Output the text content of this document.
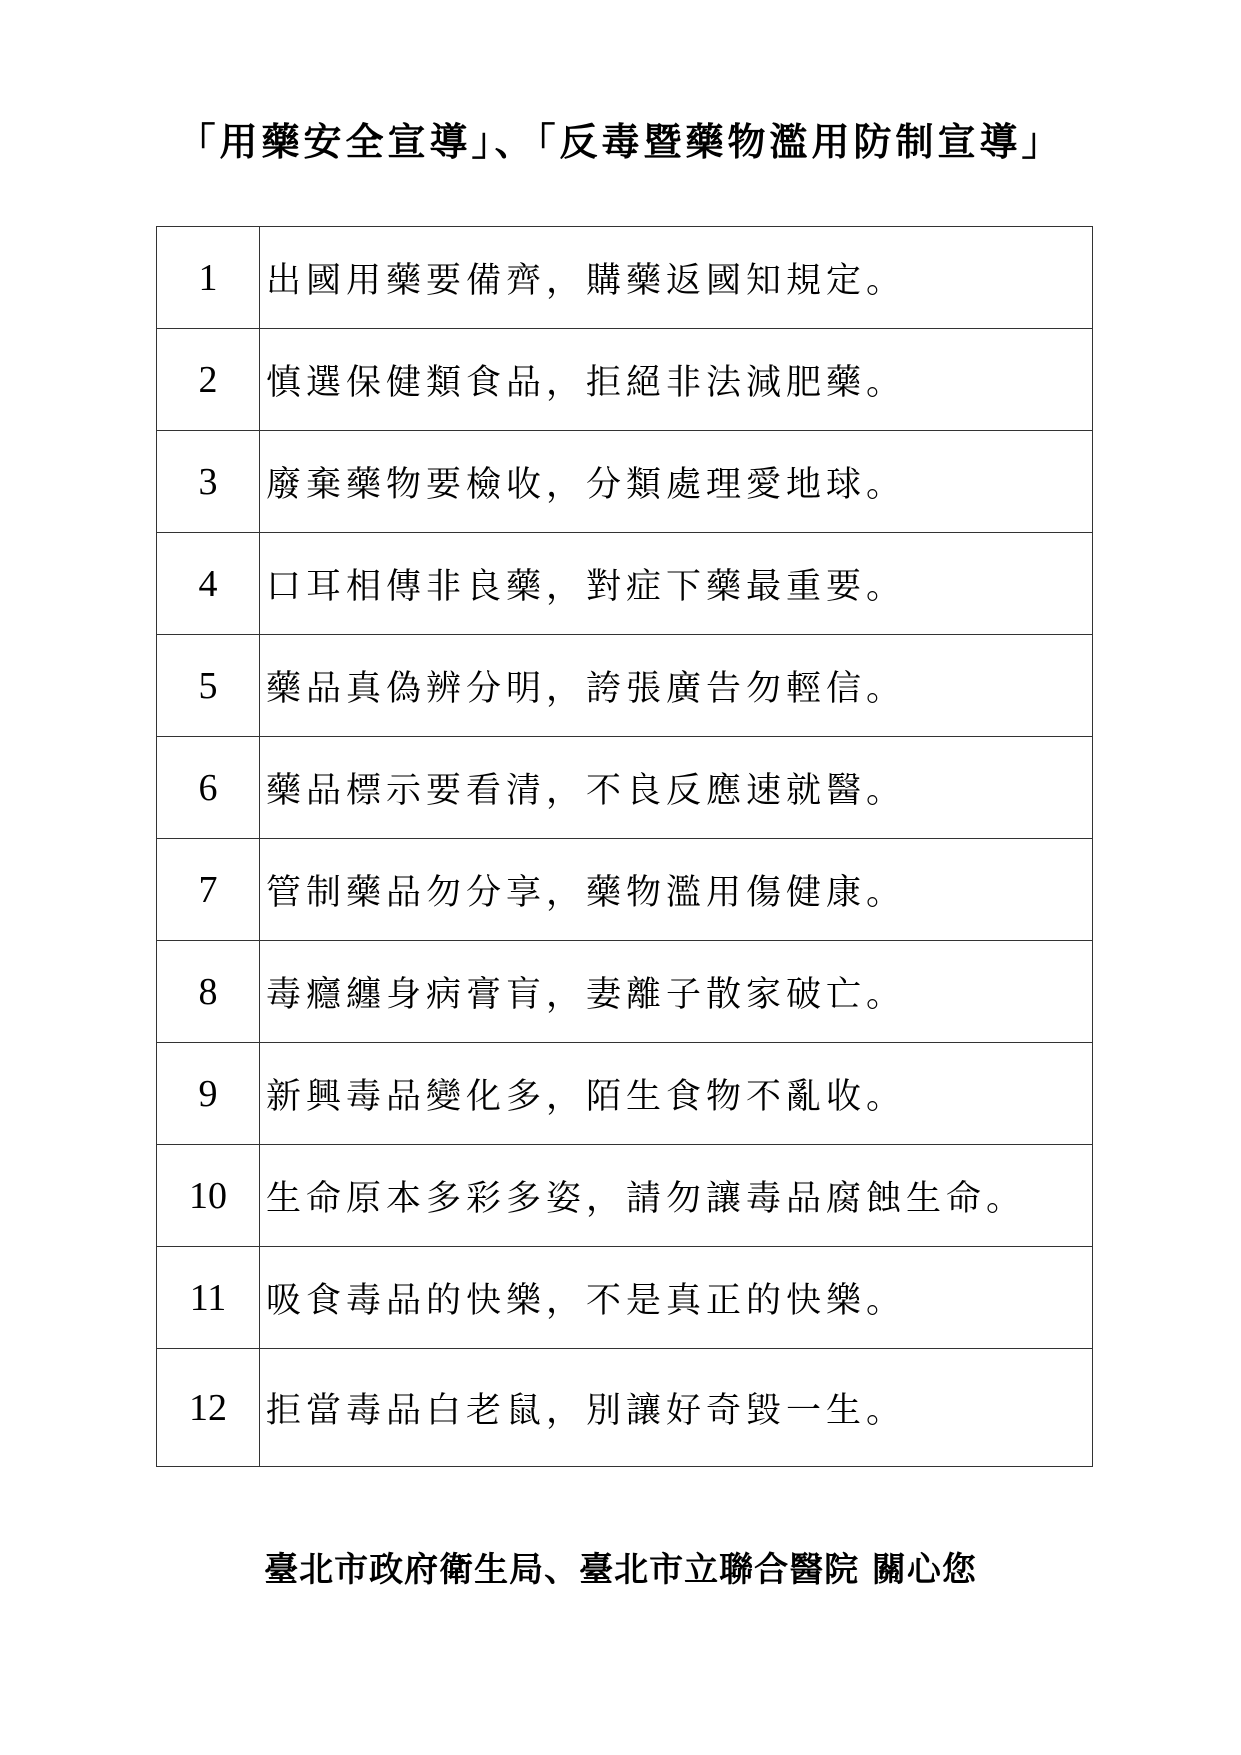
「用藥安全宣導」、「反毒暨藥物濫用防制宣導」
1	出國用藥要備齊，購藥返國知規定。
2	慎選保健類食品，拒絕非法減肥藥。
3	廢棄藥物要檢收，分類處理愛地球。
4	口耳相傳非良藥，對症下藥最重要。
5	藥品真偽辨分明，誇張廣告勿輕信。
6	藥品標示要看清，不良反應速就醫。
7	管制藥品勿分享，藥物濫用傷健康。
8	毒癮纏身病膏肓，妻離子散家破亡。
9	新興毒品變化多，陌生食物不亂收。
10	生命原本多彩多姿，請勿讓毒品腐蝕生命。
11	吸食毒品的快樂，不是真正的快樂。
12	拒當毒品白老鼠，別讓好奇毀一生。
臺北市政府衛生局、臺北市立聯合醫院 關心您
